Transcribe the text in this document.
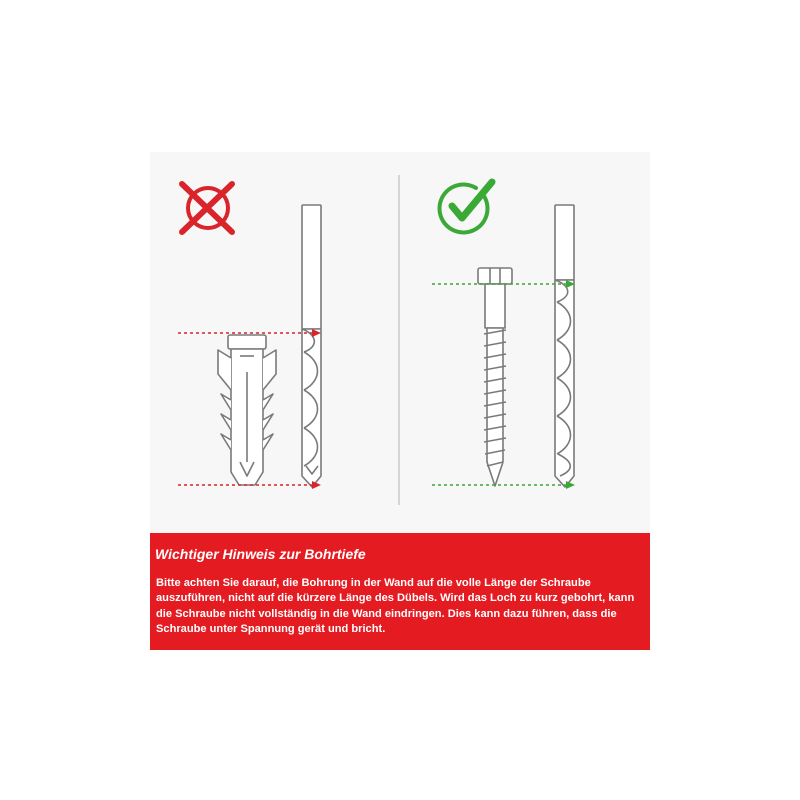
Wichtiger Hinweis zur Bohrtiefe

Bitte achten Sie darauf, die Bohrung in der Wand auf die volle Länge der Schraube auszuführen, nicht auf die kürzere Länge des Dübels. Wird das Loch zu kurz gebohrt, kann die Schraube nicht vollständig in die Wand eindringen. Dies kann dazu führen, dass die Schraube unter Spannung gerät und bricht.
